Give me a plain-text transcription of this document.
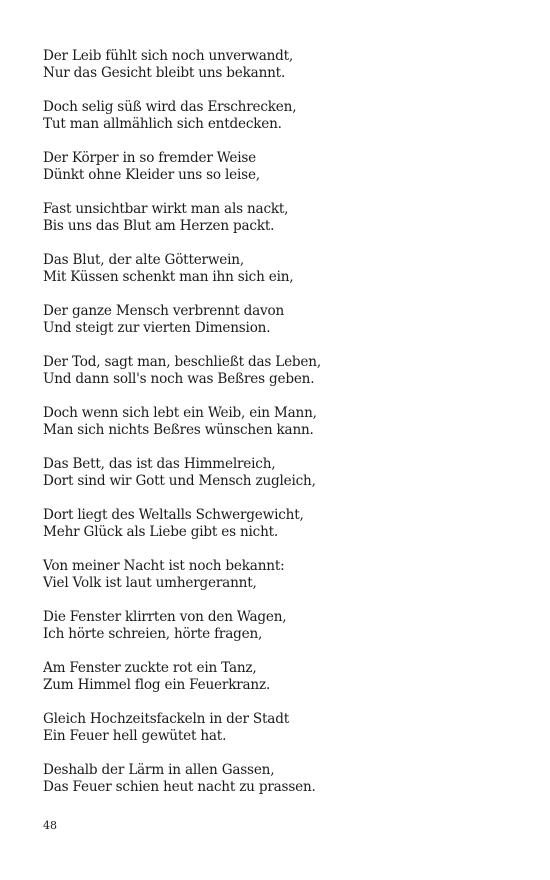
Der Leib fühlt sich noch unverwandt,
Nur das Gesicht bleibt uns bekannt.
Doch selig süß wird das Erschrecken,
Tut man allmählich sich entdecken.
Der Körper in so fremder Weise
Dünkt ohne Kleider uns so leise,
Fast unsichtbar wirkt man als nackt,
Bis uns das Blut am Herzen packt.
Das Blut, der alte Götterwein,
Mit Küssen schenkt man ihn sich ein,
Der ganze Mensch verbrennt davon
Und steigt zur vierten Dimension.
Der Tod, sagt man, beschließt das Leben,
Und dann soll's noch was Beßres geben.
Doch wenn sich lebt ein Weib, ein Mann,
Man sich nichts Beßres wünschen kann.
Das Bett, das ist das Himmelreich,
Dort sind wir Gott und Mensch zugleich,
Dort liegt des Weltalls Schwergewicht,
Mehr Glück als Liebe gibt es nicht.
Von meiner Nacht ist noch bekannt:
Viel Volk ist laut umhergerannt,
Die Fenster klirrten von den Wagen,
Ich hörte schreien, hörte fragen,
Am Fenster zuckte rot ein Tanz,
Zum Himmel flog ein Feuerkranz.
Gleich Hochzeitsfackeln in der Stadt
Ein Feuer hell gewütet hat.
Deshalb der Lärm in allen Gassen,
Das Feuer schien heut nacht zu prassen.
48
